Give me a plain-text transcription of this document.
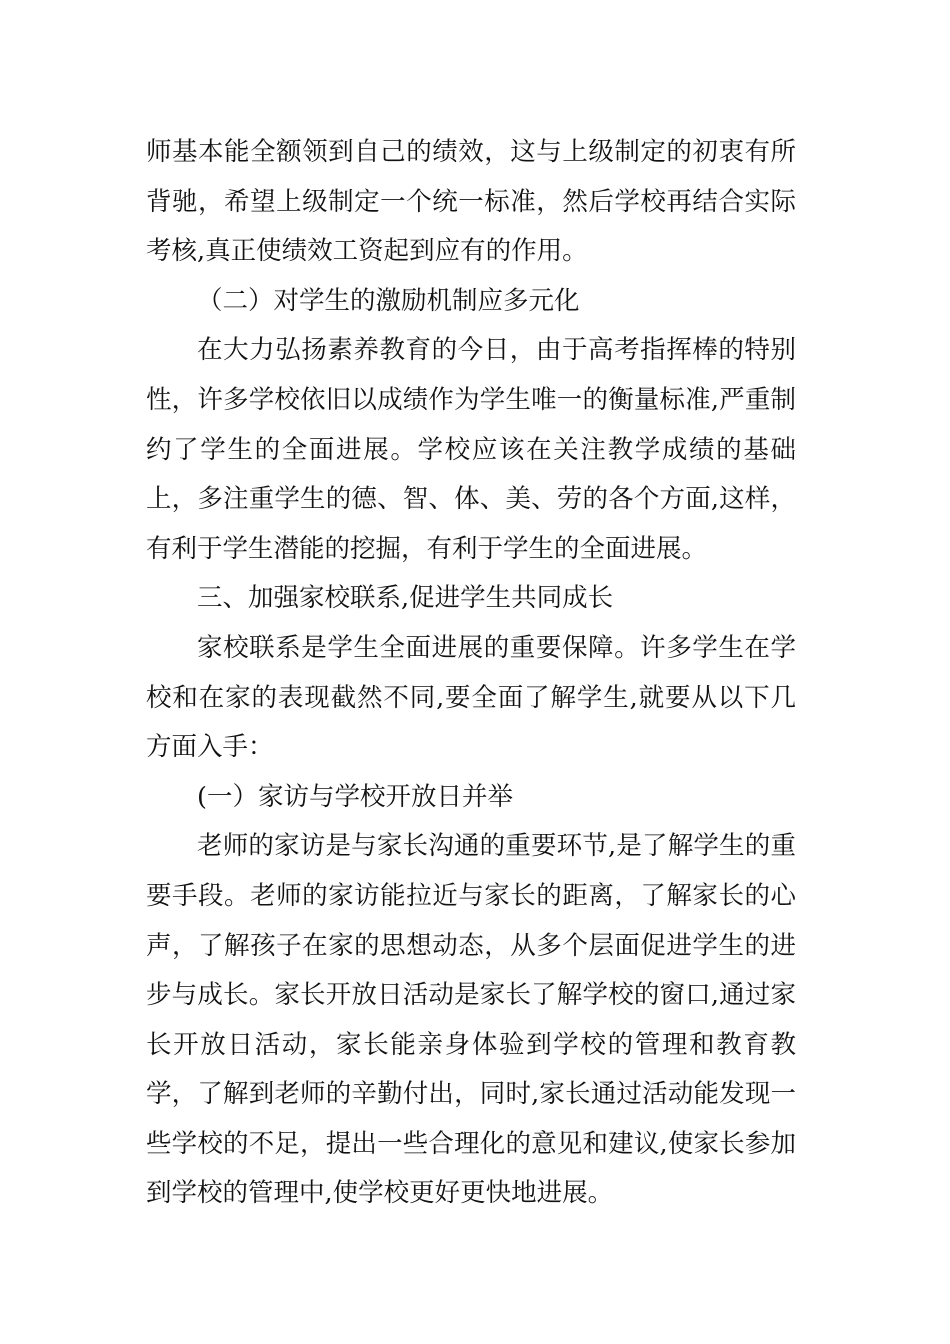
师基本能全额领到自己的绩效，这与上级制定的初衷有所背驰，希望上级制定一个统一标准，然后学校再结合实际考核,真正使绩效工资起到应有的作用。

（二）对学生的激励机制应多元化

在大力弘扬素养教育的今日，由于高考指挥棒的特别性，许多学校依旧以成绩作为学生唯一的衡量标准,严重制约了学生的全面进展。学校应该在关注教学成绩的基础上，多注重学生的德、智、体、美、劳的各个方面,这样，有利于学生潜能的挖掘，有利于学生的全面进展。

三、加强家校联系,促进学生共同成长

家校联系是学生全面进展的重要保障。许多学生在学校和在家的表现截然不同,要全面了解学生,就要从以下几方面入手：

(一）家访与学校开放日并举

老师的家访是与家长沟通的重要环节,是了解学生的重要手段。老师的家访能拉近与家长的距离，了解家长的心声，了解孩子在家的思想动态，从多个层面促进学生的进步与成长。家长开放日活动是家长了解学校的窗口,通过家长开放日活动，家长能亲身体验到学校的管理和教育教学，了解到老师的辛勤付出，同时,家长通过活动能发现一些学校的不足，提出一些合理化的意见和建议,使家长参加到学校的管理中,使学校更好更快地进展。
